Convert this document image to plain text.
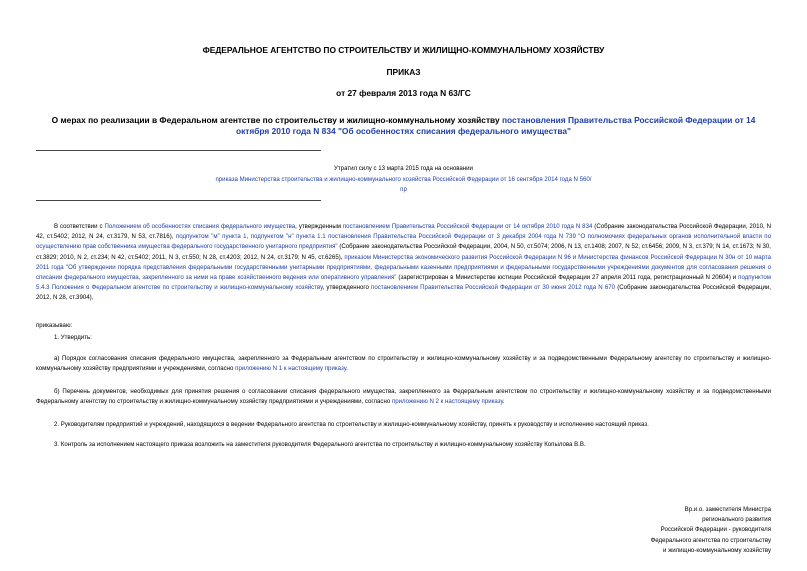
ФЕДЕРАЛЬНОЕ АГЕНТСТВО ПО СТРОИТЕЛЬСТВУ И ЖИЛИЩНО-КОММУНАЛЬНОМУ ХОЗЯЙСТВУ
ПРИКАЗ
от 27 февраля 2013 года N 63/ГС
О мерах по реализации в Федеральном агентстве по строительству и жилищно-коммунальному хозяйству постановления Правительства Российской Федерации от 14 октября 2010 года N 834 "Об особенностях списания федерального имущества"
Утратил силу с 13 марта 2015 года на основании
приказа Министерства строительства и жилищно-коммунального хозяйства Российской Федерации от 16 сентября 2014 года N 560/пр
В соответствии с Положением об особенностях списания федерального имущества, утвержденным постановлением Правительства Российской Федерации от 14 октября 2010 года N 834 (Собрание законодательства Российской Федерации, 2010, N 42, ст.5402; 2012, N 24, ст.3179, N 53, ст.7816), подпунктом "м" пункта 1, подпунктом "н" пункта 1.1 постановления Правительства Российской Федерации от 3 декабря 2004 года N 739 "О полномочиях федеральных органов исполнительной власти по осуществлению прав собственника имущества федерального государственного унитарного предприятия" (Собрание законодательства Российской Федерации, 2004, N 50, ст.5074; 2006, N 13, ст.1408; 2007, N 52, ст.6456; 2009, N 3, ст.379; N 14, ст.1673; N 30, ст.3829; 2010, N 2, ст.234; N 42, ст.5402; 2011, N 3, ст.550; N 28, ст.4203; 2012, N 24, ст.3179; N 45, ст.6265), приказом Министерства экономического развития Российской Федерации N 96 и Министерства финансов Российской Федерации N 30н от 10 марта 2011 года "Об утверждении порядка представления федеральными государственными унитарными предприятиями, федеральными казенными предприятиями и федеральными государственными учреждениями документов для согласования решения о списании федерального имущества, закрепленного за ними на праве хозяйственного ведения или оперативного управления" (зарегистрирован в Министерстве юстиции Российской Федерации 27 апреля 2011 года, регистрационный N 20604) и подпунктом 5.4.3 Положения о Федеральном агентстве по строительству и жилищно-коммунальному хозяйству, утвержденного постановлением Правительства Российской Федерации от 30 июня 2012 года N 670 (Собрание законодательства Российской Федерации, 2012, N 28, ст.3904),
приказываю:
1. Утвердить:
а) Порядок согласования списания федерального имущества, закрепленного за Федеральным агентством по строительству и жилищно-коммунальному хозяйству и за подведомственными Федеральному агентству по строительству и жилищно-коммунальному хозяйству предприятиями и учреждениями, согласно приложению N 1 к настоящему приказу.
б) Перечень документов, необходимых для принятия решения о согласовании списания федерального имущества, закрепленного за Федеральным агентством по строительству и жилищно-коммунальному хозяйству и за подведомственными Федеральному агентству по строительству и жилищно-коммунальному хозяйству предприятиями и учреждениями, согласно приложению N 2 к настоящему приказу.
2. Руководителям предприятий и учреждений, находящихся в ведении Федерального агентства по строительству и жилищно-коммунальному хозяйству, принять к руководству и исполнению настоящий приказ.
3. Контроль за исполнением настоящего приказа возложить на заместителя руководителя Федерального агентства по строительству и жилищно-коммунальному хозяйству Копылова В.В.
Вр.и.о. заместителя Министра
регионального развития
Российской Федерации - руководителя
Федерального агентства по строительству
и жилищно-коммунальному хозяйству
